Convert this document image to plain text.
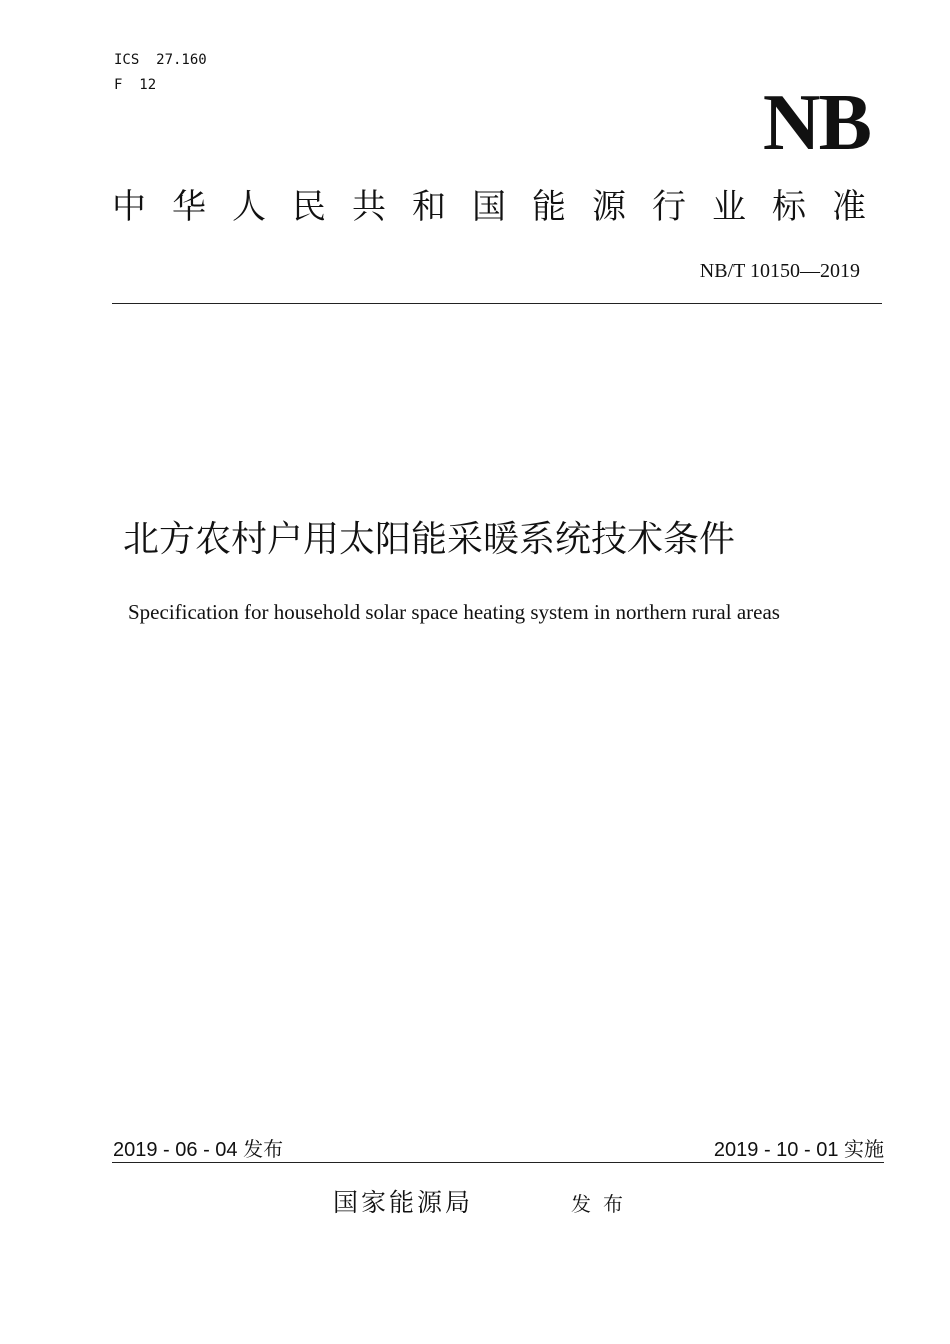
ICS  27.160
F  12	NB
中华人民共和国能源行业标准
NB/T 10150—2019
北方农村户用太阳能采暖系统技术条件
Specification for household solar space heating system in northern rural areas
2019 - 06 - 04 发布	2019 - 10 - 01 实施
国家能源局	发布
